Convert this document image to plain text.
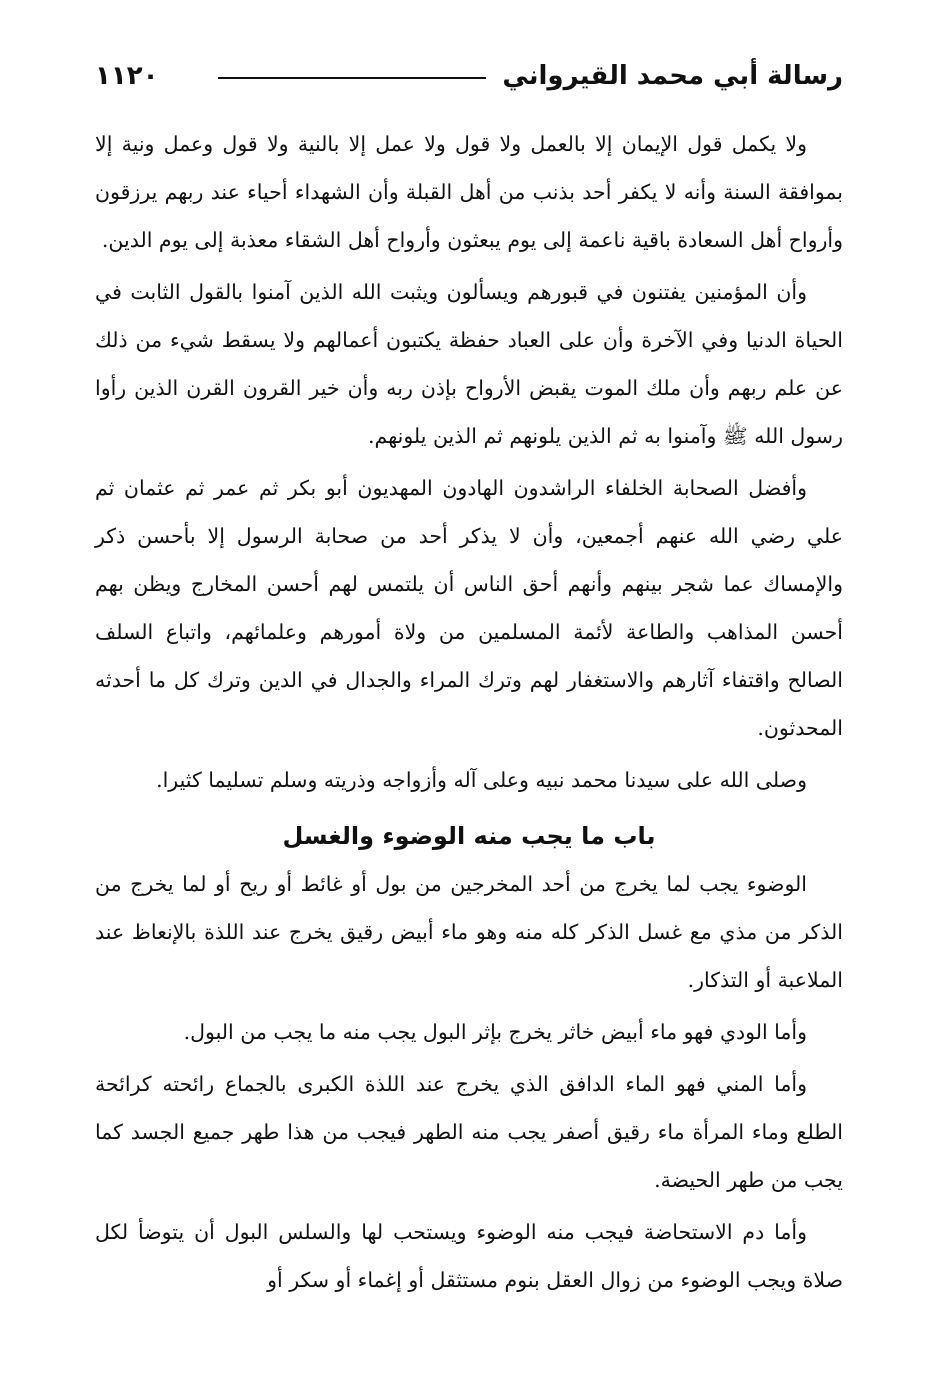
رسالة أبي محمد القيرواني
١١٢٠

ولا يكمل قول الإيمان إلا بالعمل ولا قول ولا عمل إلا بالنية ولا قول وعمل ونية إلا بموافقة السنة وأنه لا يكفر أحد بذنب من أهل القبلة وأن الشهداء أحياء عند ربهم يرزقون وأرواح أهل السعادة باقية ناعمة إلى يوم يبعثون وأرواح أهل الشقاء معذبة إلى يوم الدين.

وأن المؤمنين يفتنون في قبورهم ويسألون ويثبت الله الذين آمنوا بالقول الثابت في الحياة الدنيا وفي الآخرة وأن على العباد حفظة يكتبون أعمالهم ولا يسقط شيء من ذلك عن علم ربهم وأن ملك الموت يقبض الأرواح بإذن ربه وأن خير القرون القرن الذين رأوا رسول الله ﷺ وآمنوا به ثم الذين يلونهم ثم الذين يلونهم.

وأفضل الصحابة الخلفاء الراشدون الهادون المهديون أبو بكر ثم عمر ثم عثمان ثم علي رضي الله عنهم أجمعين، وأن لا يذكر أحد من صحابة الرسول إلا بأحسن ذكر والإمساك عما شجر بينهم وأنهم أحق الناس أن يلتمس لهم أحسن المخارج ويظن بهم أحسن المذاهب والطاعة لأئمة المسلمين من ولاة أمورهم وعلمائهم، واتباع السلف الصالح واقتفاء آثارهم والاستغفار لهم وترك المراء والجدال في الدين وترك كل ما أحدثه المحدثون.

وصلى الله على سيدنا محمد نبيه وعلى آله وأزواجه وذريته وسلم تسليما كثيرا.

باب ما يجب منه الوضوء والغسل

الوضوء يجب لما يخرج من أحد المخرجين من بول أو غائط أو ريح أو لما يخرج من الذكر من مذي مع غسل الذكر كله منه وهو ماء أبيض رقيق يخرج عند اللذة بالإنعاظ عند الملاعبة أو التذكار.

وأما الودي فهو ماء أبيض خاثر يخرج بإثر البول يجب منه ما يجب من البول.

وأما المني فهو الماء الدافق الذي يخرج عند اللذة الكبرى بالجماع رائحته كرائحة الطلع وماء المرأة ماء رقيق أصفر يجب منه الطهر فيجب من هذا طهر جميع الجسد كما يجب من طهر الحيضة.

وأما دم الاستحاضة فيجب منه الوضوء ويستحب لها والسلس البول أن يتوضأ لكل صلاة ويجب الوضوء من زوال العقل بنوم مستثقل أو إغماء أو سكر أو
